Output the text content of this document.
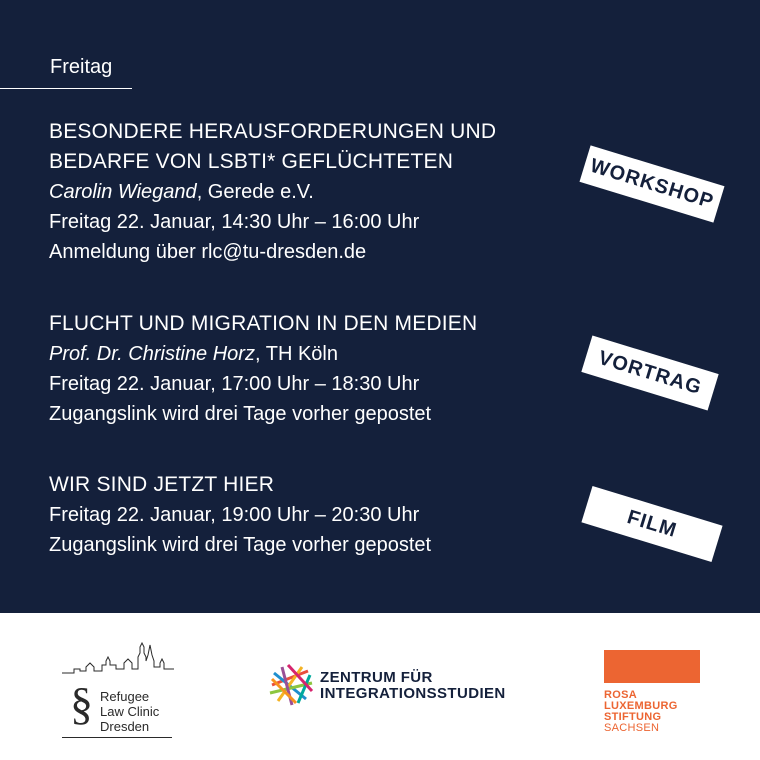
Freitag
BESONDERE HERAUSFORDERUNGEN UND
BEDARFE VON LSBTI* GEFLÜCHTETEN
Carolin Wiegand, Gerede e.V.
Freitag 22. Januar, 14:30 Uhr – 16:00 Uhr
Anmeldung über rlc@tu-dresden.de
FLUCHT UND MIGRATION IN DEN MEDIEN
Prof. Dr. Christine Horz, TH Köln
Freitag 22. Januar, 17:00 Uhr – 18:30 Uhr
Zugangslink wird drei Tage vorher gepostet
WIR SIND JETZT HIER
Freitag 22. Januar, 19:00 Uhr – 20:30 Uhr
Zugangslink wird drei Tage vorher gepostet
WORKSHOP
VORTRAG
FILM
§ Refugee
Law Clinic
Dresden
ZENTRUM FÜR
INTEGRATIONSSTUDIEN	ROSA
LUXEMBURG
STIFTUNG
SACHSEN
